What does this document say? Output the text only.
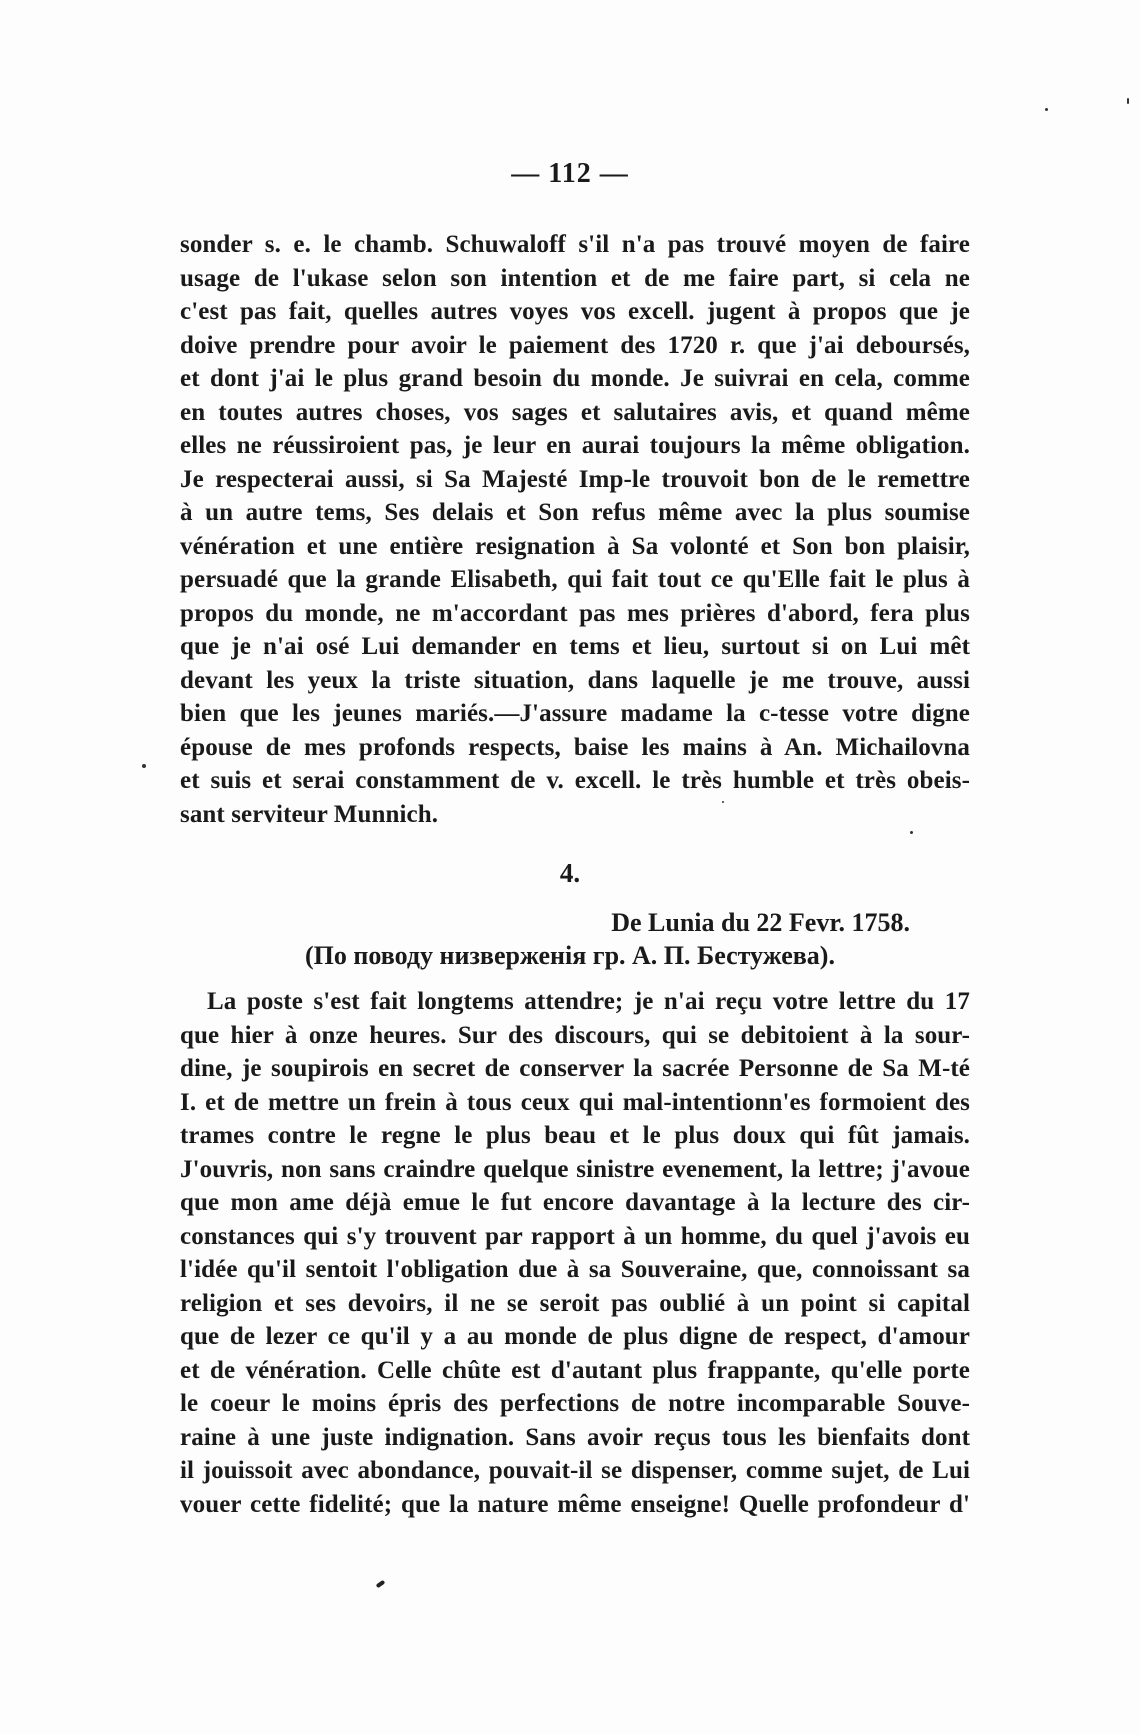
— 112 —
sonder s. e. le chamb. Schuwaloff s'il n'a pas trouvé moyen de faire
usage de l'ukase selon son intention et de me faire part, si cela ne
c'est pas fait, quelles autres voyes vos excell. jugent à propos que je
doive prendre pour avoir le paiement des 1720 r. que j'ai deboursés,
et dont j'ai le plus grand besoin du monde. Je suivrai en cela, comme
en toutes autres choses, vos sages et salutaires avis, et quand même
elles ne réussiroient pas, je leur en aurai toujours la même obligation.
Je respecterai aussi, si Sa Majesté Imp-le trouvoit bon de le remettre
à un autre tems, Ses delais et Son refus même avec la plus soumise
vénération et une entière resignation à Sa volonté et Son bon plaisir,
persuadé que la grande Elisabeth, qui fait tout ce qu'Elle fait le plus à
propos du monde, ne m'accordant pas mes prières d'abord, fera plus
que je n'ai osé Lui demander en tems et lieu, surtout si on Lui mêt
devant les yeux la triste situation, dans laquelle je me trouve, aussi
bien que les jeunes mariés.—J'assure madame la c-tesse votre digne
épouse de mes profonds respects, baise les mains à An. Michailovna
et suis et serai constamment de v. excell. le très humble et très obeis-
sant serviteur Munnich.
4.
De Lunia du 22 Fevr. 1758.
(По поводу низверженія гр. А. П. Бестужева).
La poste s'est fait longtems attendre; je n'ai reçu votre lettre du 17
que hier à onze heures. Sur des discours, qui se debitoient à la sour-
dine, je soupirois en secret de conserver la sacrée Personne de Sa M-té
I. et de mettre un frein à tous ceux qui mal-intentionn'es formoient des
trames contre le regne le plus beau et le plus doux qui fût jamais.
J'ouvris, non sans craindre quelque sinistre evenement, la lettre; j'avoue
que mon ame déjà emue le fut encore davantage à la lecture des cir-
constances qui s'y trouvent par rapport à un homme, du quel j'avois eu
l'idée qu'il sentoit l'obligation due à sa Souveraine, que, connoissant sa
religion et ses devoirs, il ne se seroit pas oublié à un point si capital
que de lezer ce qu'il y a au monde de plus digne de respect, d'amour
et de vénération. Celle chûte est d'autant plus frappante, qu'elle porte
le coeur le moins épris des perfections de notre incomparable Souve-
raine à une juste indignation. Sans avoir reçus tous les bienfaits dont
il jouissoit avec abondance, pouvait-il se dispenser, comme sujet, de Lui
vouer cette fidelité; que la nature même enseigne! Quelle profondeur d'
